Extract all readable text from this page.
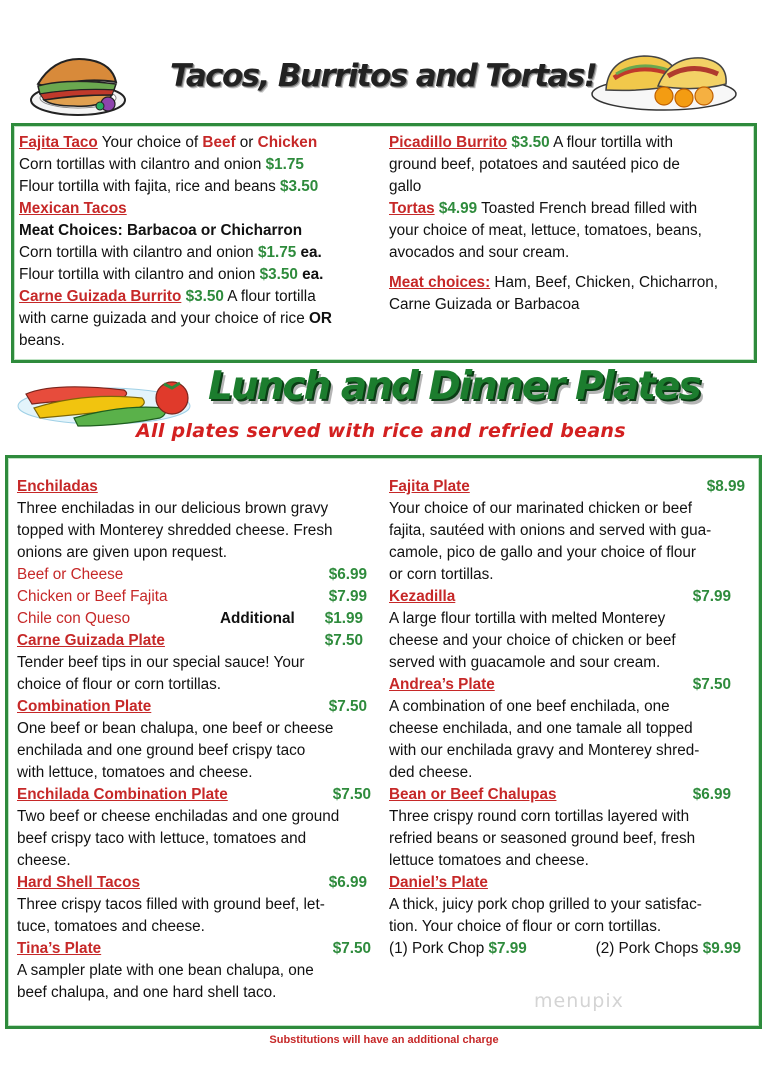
Tacos, Burritos and Tortas!
Fajita Taco Your choice of Beef or Chicken
Corn tortillas with cilantro and onion $1.75
Flour tortilla with fajita, rice and beans $3.50
Mexican Tacos
Meat Choices: Barbacoa or Chicharron
Corn tortilla with cilantro and onion $1.75 ea.
Flour tortilla with cilantro and onion $3.50 ea.
Carne Guizada Burrito $3.50 A flour tortilla
with carne guizada and your choice of rice OR
beans.
Picadillo Burrito $3.50 A flour tortilla with
ground beef, potatoes and sautéed pico de
gallo
Tortas $4.99 Toasted French bread filled with
your choice of meat, lettuce, tomatoes, beans,
avocados and sour cream.
Meat choices: Ham, Beef, Chicken, Chicharron,
Carne Guizada or Barbacoa
Lunch and Dinner Plates
All plates served with rice and refried beans
Enchiladas
Three enchiladas in our delicious brown gravy
topped with Monterey shredded cheese. Fresh
onions are given upon request.
Beef or Cheese	$6.99
Chicken or Beef Fajita	$7.99
Chile con Queso	Additional $1.99
Carne Guizada Plate	$7.50
Tender beef tips in our special sauce! Your
choice of flour or corn tortillas.
Combination Plate	$7.50
One beef or bean chalupa, one beef or cheese
enchilada and one ground beef crispy taco
with lettuce, tomatoes and cheese.
Enchilada Combination Plate	$7.50
Two beef or cheese enchiladas and one ground
beef crispy taco with lettuce, tomatoes and
cheese.
Hard Shell Tacos	$6.99
Three crispy tacos filled with ground beef, let-
tuce, tomatoes and cheese.
Tina’s Plate	$7.50
A sampler plate with one bean chalupa, one
beef chalupa, and one hard shell taco.
Fajita Plate	$8.99
Your choice of our marinated chicken or beef
fajita, sautéed with onions and served with gua-
camole, pico de gallo and your choice of flour
or corn tortillas.
Kezadilla	$7.99
A large flour tortilla with melted Monterey
cheese and your choice of chicken or beef
served with guacamole and sour cream.
Andrea’s Plate	$7.50
A combination of one beef enchilada, one
cheese enchilada, and one tamale all topped
with our enchilada gravy and Monterey shred-
ded cheese.
Bean or Beef Chalupas	$6.99
Three crispy round corn tortillas layered with
refried beans or seasoned ground beef, fresh
lettuce tomatoes and cheese.
Daniel’s Plate
A thick, juicy pork chop grilled to your satisfac-
tion. Your choice of flour or corn tortillas.
(1) Pork Chop $7.99	(2) Pork Chops $9.99
menupix
Substitutions will have an additional charge
